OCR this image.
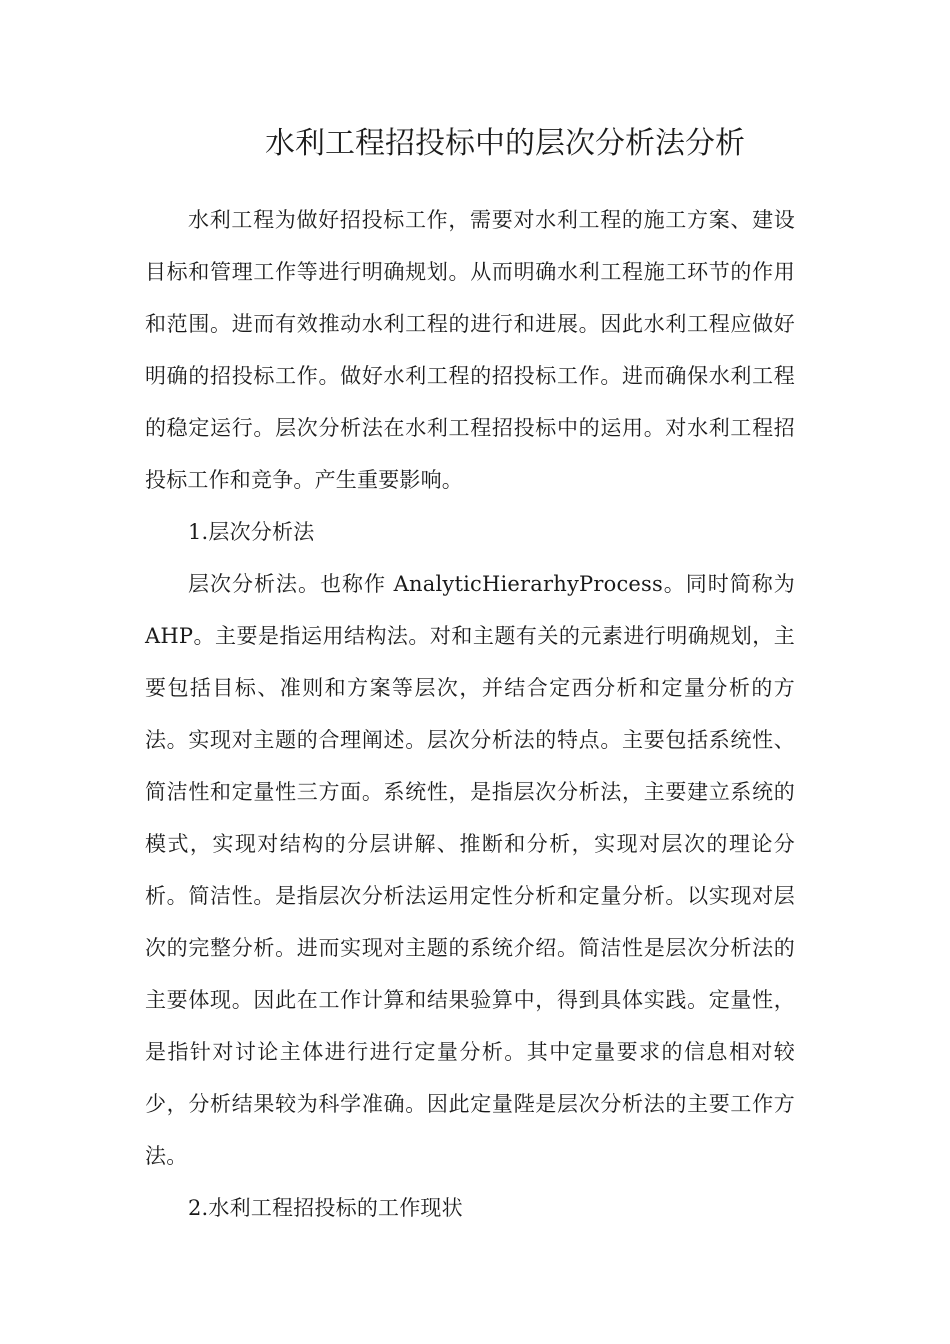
水利工程招投标中的层次分析法分析

水利工程为做好招投标工作，需要对水利工程的施工方案、建设目标和管理工作等进行明确规划。从而明确水利工程施工环节的作用和范围。进而有效推动水利工程的进行和进展。因此水利工程应做好明确的招投标工作。做好水利工程的招投标工作。进而确保水利工程的稳定运行。层次分析法在水利工程招投标中的运用。对水利工程招投标工作和竞争。产生重要影响。

1.层次分析法

层次分析法。也称作 AnalyticHierarhyProcess。同时简称为AHP。主要是指运用结构法。对和主题有关的元素进行明确规划，主要包括目标、准则和方案等层次，并结合定西分析和定量分析的方法。实现对主题的合理阐述。层次分析法的特点。主要包括系统性、简洁性和定量性三方面。系统性，是指层次分析法，主要建立系统的模式，实现对结构的分层讲解、推断和分析，实现对层次的理论分析。简洁性。是指层次分析法运用定性分析和定量分析。以实现对层次的完整分析。进而实现对主题的系统介绍。简洁性是层次分析法的主要体现。因此在工作计算和结果验算中，得到具体实践。定量性，是指针对讨论主体进行进行定量分析。其中定量要求的信息相对较少，分析结果较为科学准确。因此定量陛是层次分析法的主要工作方法。

2.水利工程招投标的工作现状
